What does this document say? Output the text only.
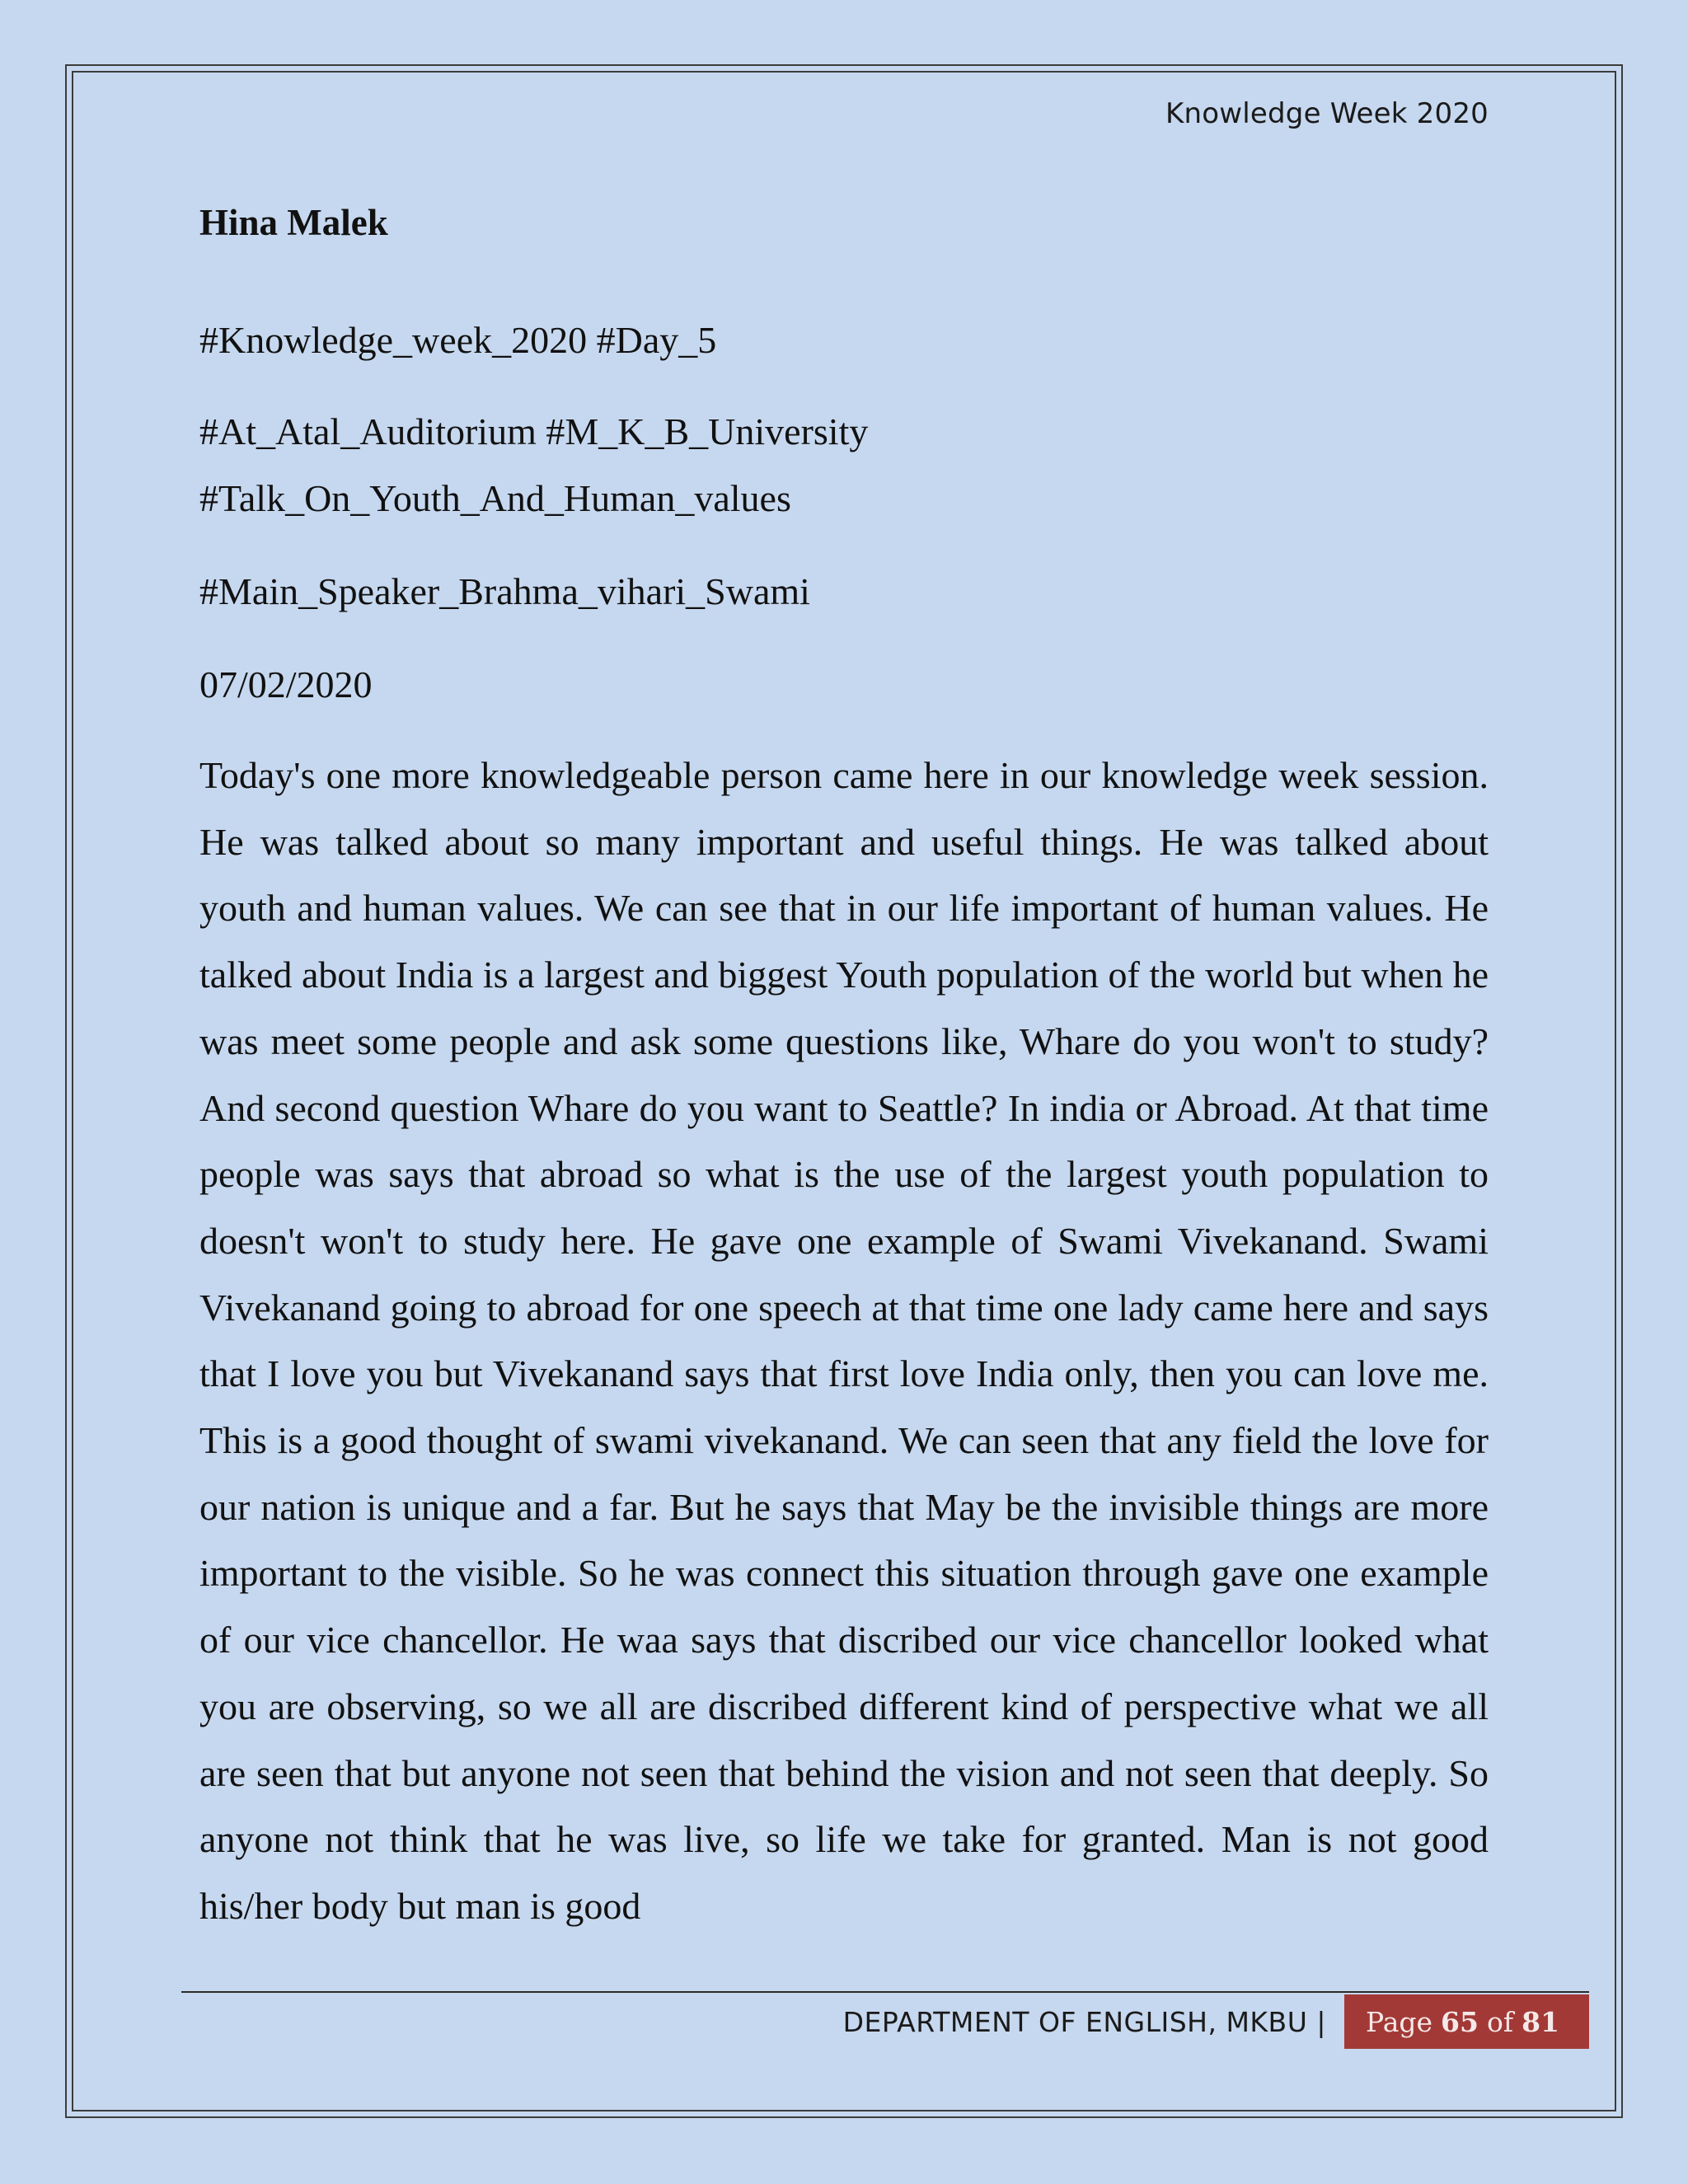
Knowledge Week 2020
Hina Malek

#Knowledge_week_2020 #Day_5

#At_Atal_Auditorium #M_K_B_University

#Talk_On_Youth_And_Human_values

#Main_Speaker_Brahma_vihari_Swami

07/02/2020

Today's one more knowledgeable person came here in our knowledge week session. He was talked about so many important and useful things. He was talked about youth and human values. We can see that in our life important of human values. He talked about India is a largest and biggest Youth population of the world but when he was meet some people and ask some questions like, Whare do you won't to study? And second question Whare do you want to Seattle? In india or Abroad. At that time people was says that abroad so what is the use of the largest youth population to doesn't won't to study here. He gave one example of Swami Vivekanand. Swami Vivekanand going to abroad for one speech at that time one lady came here and says that I love you but Vivekanand says that first love India only, then you can love me. This is a good thought of swami vivekanand. We can seen that any field the love for our nation is unique and a far. But he says that May be the invisible things are more important to the visible. So he was connect this situation through gave one example of our vice chancellor. He waa says that discribed our vice chancellor looked what you are observing, so we all are discribed different kind of perspective what we all are seen that but anyone not seen that behind the vision and not seen that deeply. So anyone not think that he was live, so life we take for granted. Man is not good his/her body but man is good

DEPARTMENT OF ENGLISH, MKBU | Page 65 of 81
